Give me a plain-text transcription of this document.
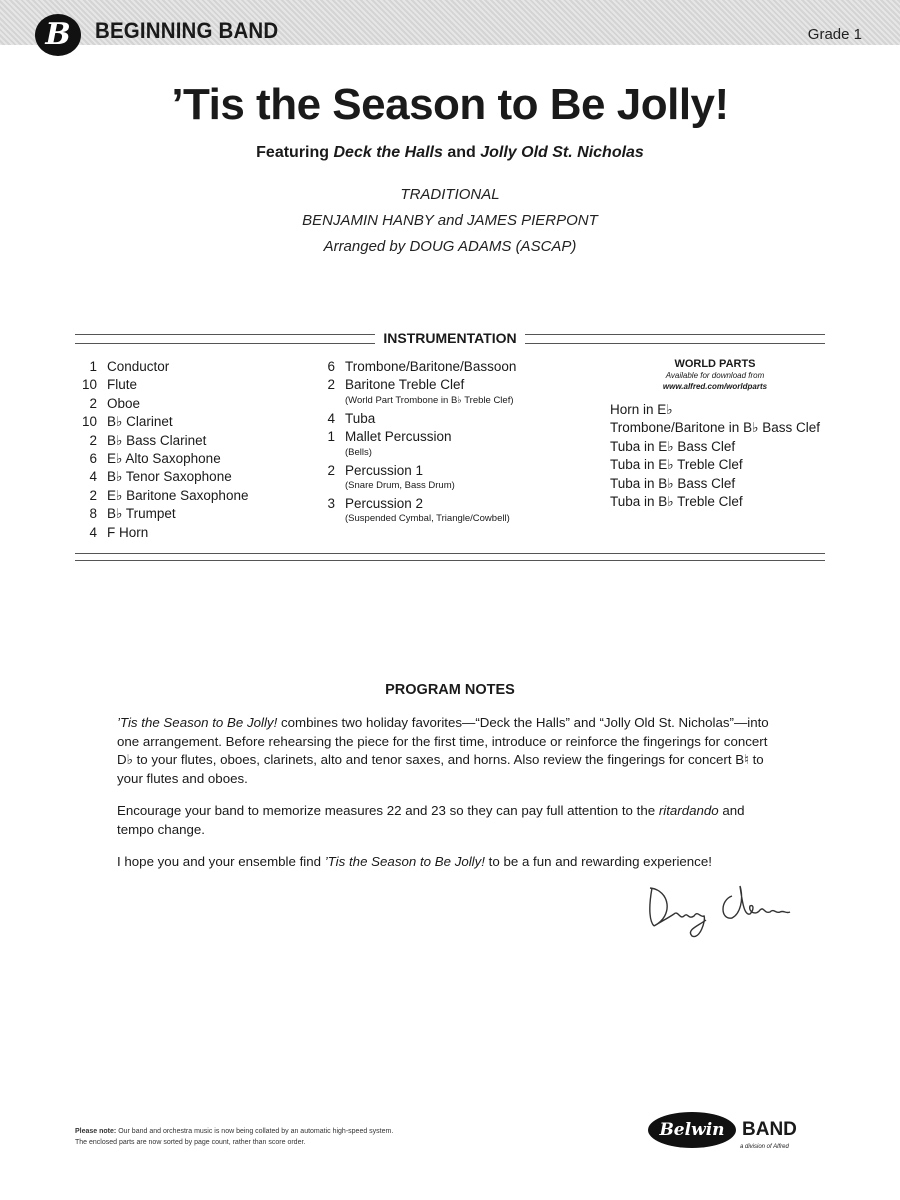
B	BEGINNING BAND	Grade 1
’Tis the Season to Be Jolly!
Featuring Deck the Halls and Jolly Old St. Nicholas
TRADITIONAL
BENJAMIN HANBY and JAMES PIERPONT
Arranged by DOUG ADAMS (ASCAP)
INSTRUMENTATION
1 Conductor
10 Flute
2 Oboe
10 B♭ Clarinet
2 B♭ Bass Clarinet
6 E♭ Alto Saxophone
4 B♭ Tenor Saxophone
2 E♭ Baritone Saxophone
8 B♭ Trumpet
4 F Horn
6 Trombone/Baritone/Bassoon
2 Baritone Treble Clef
(World Part Trombone in B♭ Treble Clef)
4 Tuba
1 Mallet Percussion
(Bells)
2 Percussion 1
(Snare Drum, Bass Drum)
3 Percussion 2
(Suspended Cymbal, Triangle/Cowbell)
WORLD PARTS
Available for download from
www.alfred.com/worldparts
Horn in E♭
Trombone/Baritone in B♭ Bass Clef
Tuba in E♭ Bass Clef
Tuba in E♭ Treble Clef
Tuba in B♭ Bass Clef
Tuba in B♭ Treble Clef
PROGRAM NOTES

’Tis the Season to Be Jolly! combines two holiday favorites—“Deck the Halls” and “Jolly Old St. Nicholas”—into one arrangement. Before rehearsing the piece for the first time, introduce or reinforce the fingerings for concert D♭ to your flutes, oboes, clarinets, alto and tenor saxes, and horns. Also review the fingerings for concert B♮ to your flutes and oboes.

Encourage your band to memorize measures 22 and 23 so they can pay full attention to the ritardando and tempo change.

I hope you and your ensemble find ’Tis the Season to Be Jolly! to be a fun and rewarding experience!

Please note: Our band and orchestra music is now being collated by an automatic high-speed system.
The enclosed parts are now sorted by page count, rather than score order.
Belwin BAND
a division of Alfred
